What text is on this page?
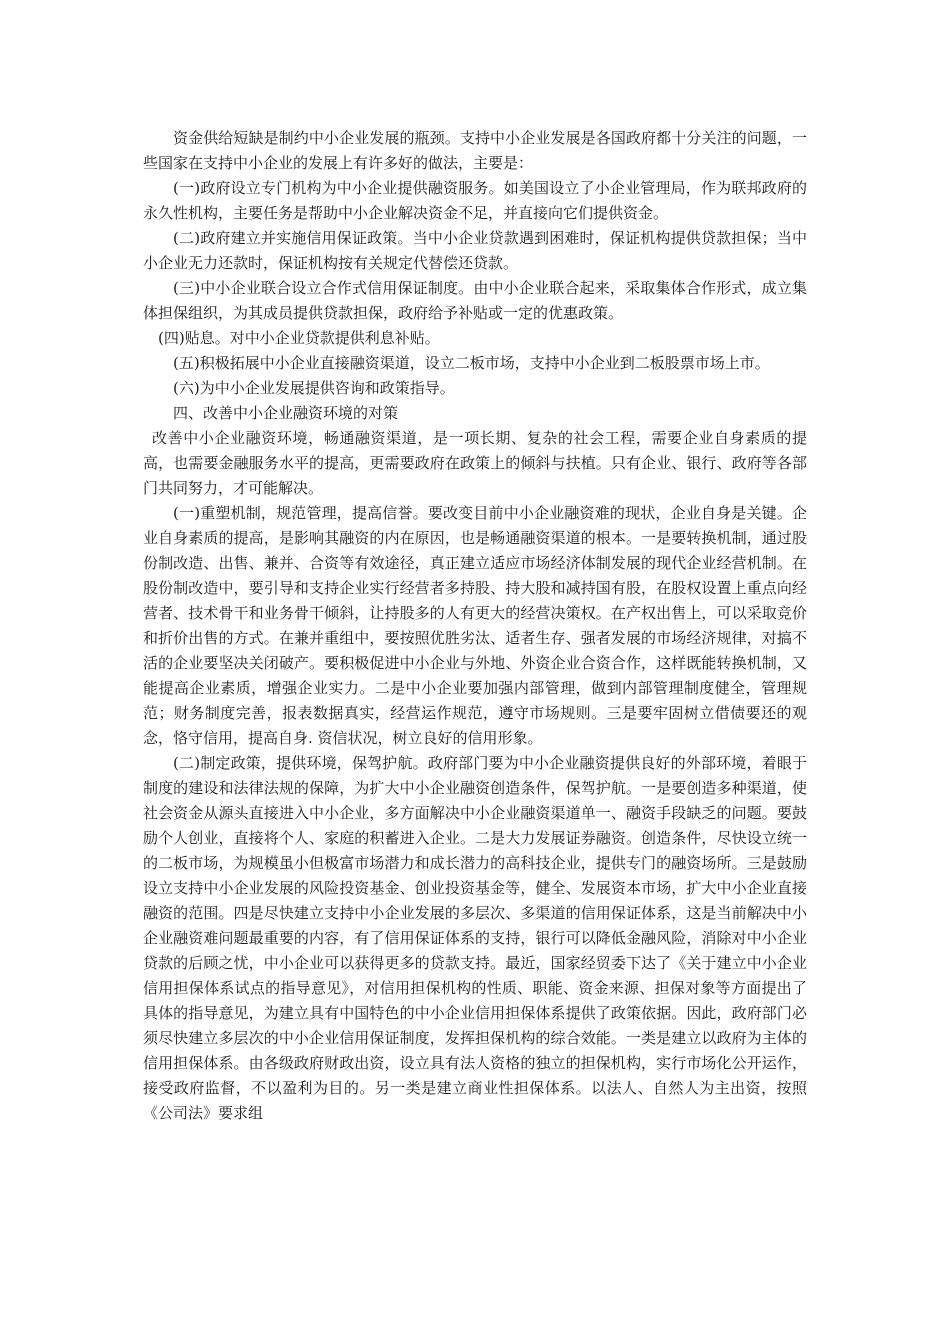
资金供给短缺是制约中小企业发展的瓶颈。支持中小企业发展是各国政府都十分关注的问题，一些国家在支持中小企业的发展上有许多好的做法，主要是：

(一)政府设立专门机构为中小企业提供融资服务。如美国设立了小企业管理局，作为联邦政府的永久性机构，主要任务是帮助中小企业解决资金不足，并直接向它们提供资金。

(二)政府建立并实施信用保证政策。当中小企业贷款遇到困难时，保证机构提供贷款担保；当中小企业无力还款时，保证机构按有关规定代替偿还贷款。

(三)中小企业联合设立合作式信用保证制度。由中小企业联合起来，采取集体合作形式，成立集体担保组织，为其成员提供贷款担保，政府给予补贴或一定的优惠政策。

(四)贴息。对中小企业贷款提供利息补贴。

(五)积极拓展中小企业直接融资渠道，设立二板市场，支持中小企业到二板股票市场上市。

(六)为中小企业发展提供咨询和政策指导。

四、改善中小企业融资环境的对策

改善中小企业融资环境，畅通融资渠道，是一项长期、复杂的社会工程，需要企业自身素质的提高，也需要金融服务水平的提高，更需要政府在政策上的倾斜与扶植。只有企业、银行、政府等各部门共同努力，才可能解决。

(一)重塑机制，规范管理，提高信誉。要改变目前中小企业融资难的现状，企业自身是关键。企业自身素质的提高，是影响其融资的内在原因，也是畅通融资渠道的根本。一是要转换机制，通过股份制改造、出售、兼并、合资等有效途径，真正建立适应市场经济体制发展的现代企业经营机制。在股份制改造中，要引导和支持企业实行经营者多持股、持大股和减持国有股，在股权设置上重点向经营者、技术骨干和业务骨干倾斜，让持股多的人有更大的经营决策权。在产权出售上，可以采取竞价和折价出售的方式。在兼并重组中，要按照优胜劣汰、适者生存、强者发展的市场经济规律，对搞不活的企业要坚决关闭破产。要积极促进中小企业与外地、外资企业合资合作，这样既能转换机制，又能提高企业素质，增强企业实力。二是中小企业要加强内部管理，做到内部管理制度健全，管理规范；财务制度完善，报表数据真实，经营运作规范，遵守市场规则。三是要牢固树立借债要还的观念，恪守信用，提高自身. 资信状况，树立良好的信用形象。

(二)制定政策，提供环境，保驾护航。政府部门要为中小企业融资提供良好的外部环境，着眼于制度的建设和法律法规的保障，为扩大中小企业融资创造条件，保驾护航。一是要创造多种渠道，使社会资金从源头直接进入中小企业，多方面解决中小企业融资渠道单一、融资手段缺乏的问题。要鼓励个人创业，直接将个人、家庭的积蓄进入企业。二是大力发展证券融资。创造条件，尽快设立统一的二板市场，为规模虽小但极富市场潜力和成长潜力的高科技企业，提供专门的融资场所。三是鼓励设立支持中小企业发展的风险投资基金、创业投资基金等，健全、发展资本市场，扩大中小企业直接融资的范围。四是尽快建立支持中小企业发展的多层次、多渠道的信用保证体系，这是当前解决中小企业融资难问题最重要的内容，有了信用保证体系的支持，银行可以降低金融风险，消除对中小企业贷款的后顾之忧，中小企业可以获得更多的贷款支持。最近，国家经贸委下达了《关于建立中小企业信用担保体系试点的指导意见》，对信用担保机构的性质、职能、资金来源、担保对象等方面提出了具体的指导意见，为建立具有中国特色的中小企业信用担保体系提供了政策依据。因此，政府部门必须尽快建立多层次的中小企业信用保证制度，发挥担保机构的综合效能。一类是建立以政府为主体的信用担保体系。由各级政府财政出资，设立具有法人资格的独立的担保机构，实行市场化公开运作，接受政府监督，不以盈利为目的。另一类是建立商业性担保体系。以法人、自然人为主出资，按照《公司法》要求组
